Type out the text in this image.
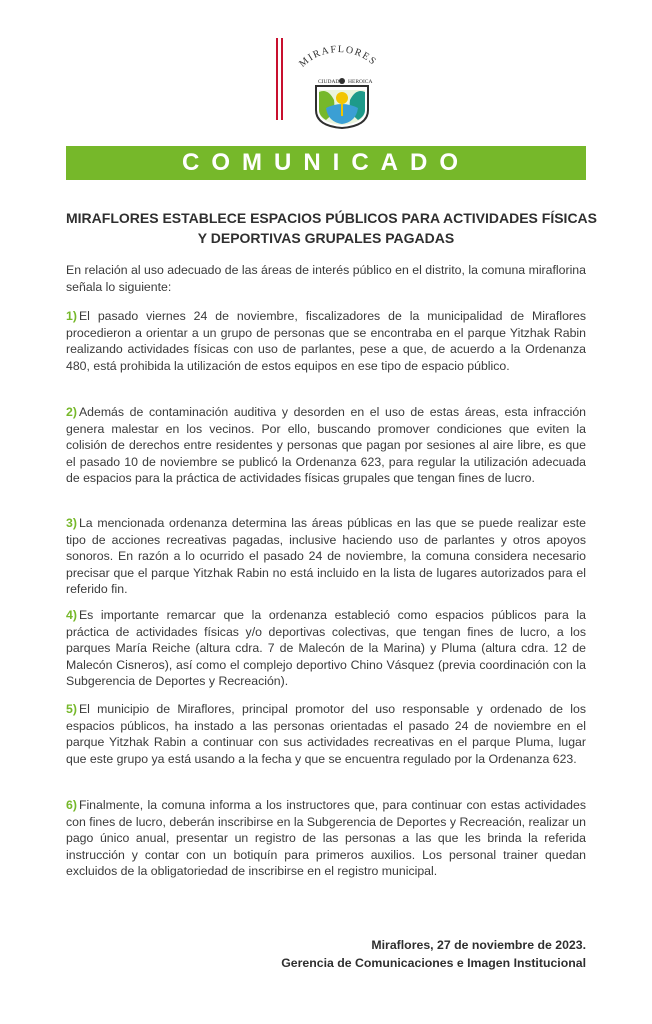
MIRAFLORES
CIUDAD HEROICA
COMUNICADO
MIRAFLORES ESTABLECE ESPACIOS PÚBLICOS PARA ACTIVIDADES FÍSICAS
Y DEPORTIVAS GRUPALES PAGADAS
En relación al uso adecuado de las áreas de interés público en el distrito, la comuna miraflorina señala lo siguiente:
1) El pasado viernes 24 de noviembre, fiscalizadores de la municipalidad de Miraflores procedieron a orientar a un grupo de personas que se encontraba en el parque Yitzhak Rabin realizando actividades físicas con uso de parlantes, pese a que, de acuerdo a la Ordenanza 480, está prohibida la utilización de estos equipos en ese tipo de espacio público.
2) Además de contaminación auditiva y desorden en el uso de estas áreas, esta infracción genera malestar en los vecinos. Por ello, buscando promover condiciones que eviten la colisión de derechos entre residentes y personas que pagan por sesiones al aire libre, es que el pasado 10 de noviembre se publicó la Ordenanza 623, para regular la utilización adecuada de espacios para la práctica de actividades físicas grupales que tengan fines de lucro.
3) La mencionada ordenanza determina las áreas públicas en las que se puede realizar este tipo de acciones recreativas pagadas, inclusive haciendo uso de parlantes y otros apoyos sonoros. En razón a lo ocurrido el pasado 24 de noviembre, la comuna considera necesario precisar que el parque Yitzhak Rabin no está incluido en la lista de lugares autorizados para el referido fin.
4) Es importante remarcar que la ordenanza estableció como espacios públicos para la práctica de actividades físicas y/o deportivas colectivas, que tengan fines de lucro, a los parques María Reiche (altura cdra. 7 de Malecón de la Marina) y Pluma (altura cdra. 12 de Malecón Cisneros), así como el complejo deportivo Chino Vásquez (previa coordinación con la Subgerencia de Deportes y Recreación).
5) El municipio de Miraflores, principal promotor del uso responsable y ordenado de los espacios públicos, ha instado a las personas orientadas el pasado 24 de noviembre en el parque Yitzhak Rabin a continuar con sus actividades recreativas en el parque Pluma, lugar que este grupo ya está usando a la fecha y que se encuentra regulado por la Ordenanza 623.
6) Finalmente, la comuna informa a los instructores que, para continuar con estas actividades con fines de lucro, deberán inscribirse en la Subgerencia de Deportes y Recreación, realizar un pago único anual, presentar un registro de las personas a las que les brinda la referida instrucción y contar con un botiquín para primeros auxilios. Los personal trainer quedan excluidos de la obligatoriedad de inscribirse en el registro municipal.
Miraflores, 27 de noviembre de 2023.
Gerencia de Comunicaciones e Imagen Institucional
